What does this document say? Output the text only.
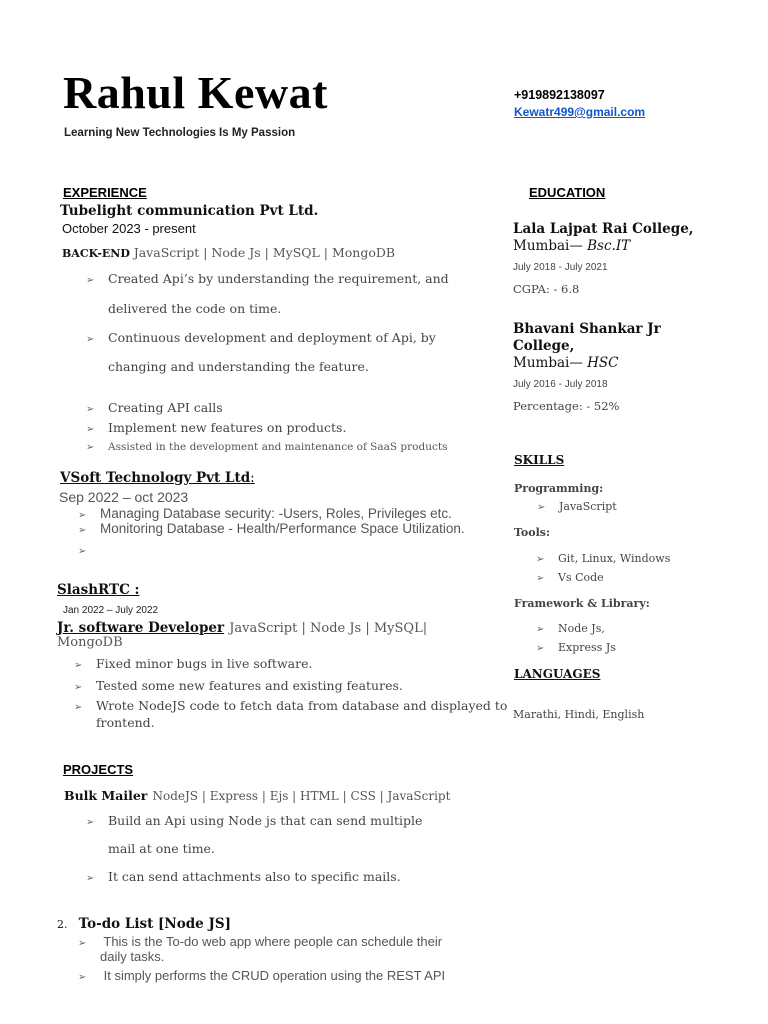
Rahul Kewat
Learning New Technologies Is My Passion
+919892138097
Kewatr499@gmail.com
EXPERIENCE
Tubelight communication Pvt Ltd.
October 2023 - present
BACK-END JavaScript | Node Js | MySQL | MongoDB
➢ Created Api’s by understanding the requirement, and
delivered the code on time.
➢ Continuous development and deployment of Api, by
changing and understanding the feature.
➢ Creating API calls
➢ Implement new features on products.
➢ Assisted in the development and maintenance of SaaS products
VSoft Technology Pvt Ltd:
Sep 2022 – oct 2023
➢ Managing Database security: -Users, Roles, Privileges etc.
➢ Monitoring Database - Health/Performance Space Utilization.
➢
SlashRTC :
Jan 2022 – July 2022
Jr. software Developer JavaScript | Node Js | MySQL|
MongoDB
➢ Fixed minor bugs in live software.
➢ Tested some new features and existing features.
➢ Wrote NodeJS code to fetch data from database and displayed to
frontend.
PROJECTS
Bulk Mailer NodeJS | Express | Ejs | HTML | CSS | JavaScript
➢ Build an Api using Node js that can send multiple
mail at one time.
➢ It can send attachments also to specific mails.
2. To-do List [Node JS]
➢ This is the To-do web app where people can schedule their
daily tasks.
➢ It simply performs the CRUD operation using the REST API
EDUCATION
Lala Lajpat Rai College,
Mumbai— Bsc.IT
July 2018 - July 2021
CGPA: - 6.8
Bhavani Shankar Jr
College,
Mumbai— HSC
July 2016 - July 2018
Percentage: - 52%
SKILLS
Programming:
➢ JavaScript
Tools:
➢ Git, Linux, Windows
➢ Vs Code
Framework & Library:
➢ Node Js,
➢ Express Js
LANGUAGES
Marathi, Hindi, English
